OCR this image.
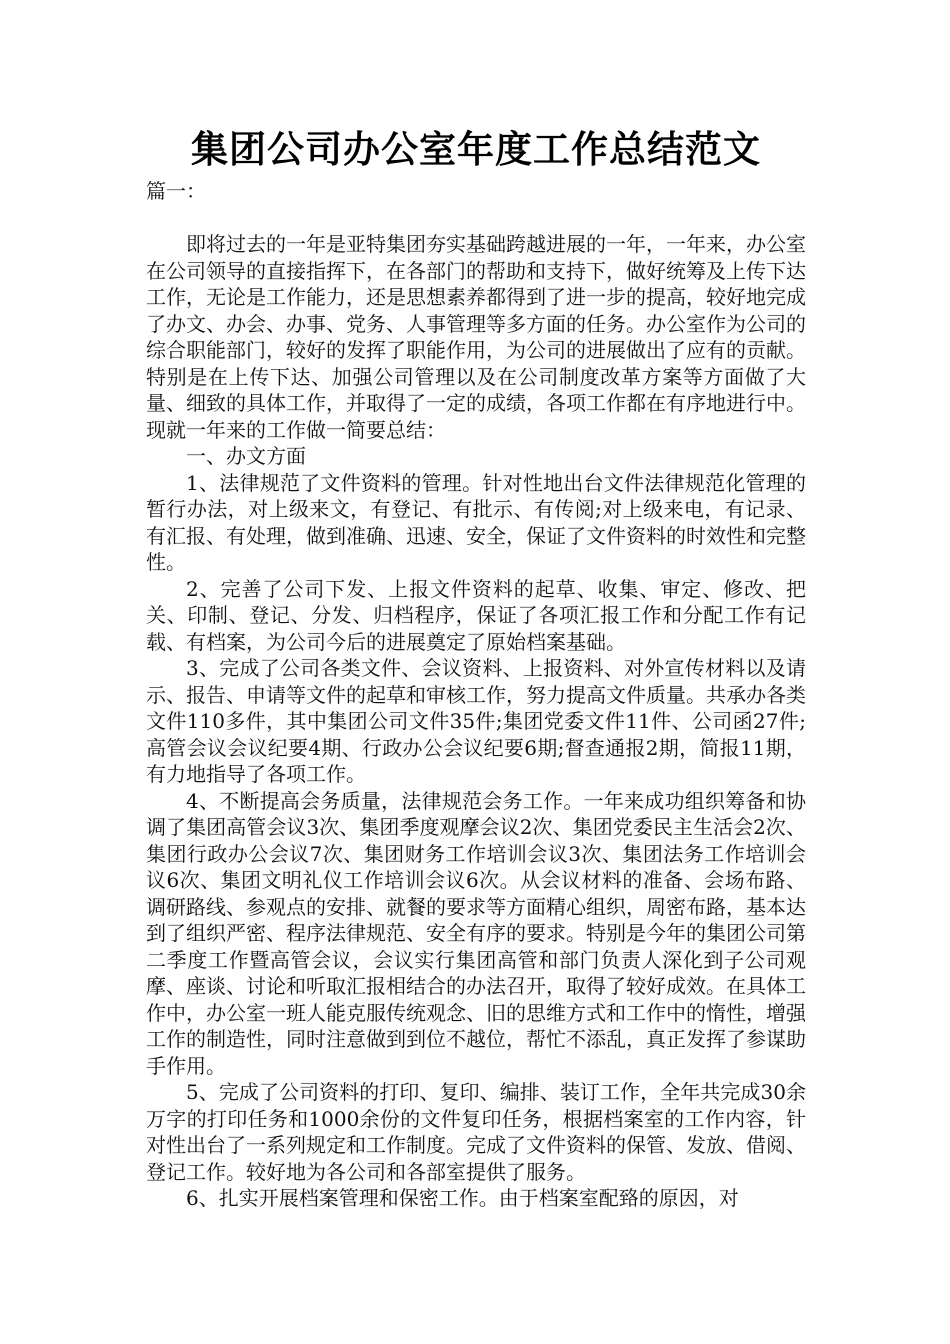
集团公司办公室年度工作总结范文

篇一：

即将过去的一年是亚特集团夯实基础跨越进展的一年，一年来，办公室在公司领导的直接指挥下，在各部门的帮助和支持下，做好统筹及上传下达工作，无论是工作能力，还是思想素养都得到了进一步的提高，较好地完成了办文、办会、办事、党务、人事管理等多方面的任务。办公室作为公司的综合职能部门，较好的发挥了职能作用，为公司的进展做出了应有的贡献。特别是在上传下达、加强公司管理以及在公司制度改革方案等方面做了大量、细致的具体工作，并取得了一定的成绩，各项工作都在有序地进行中。现就一年来的工作做一简要总结：

一、办文方面

1、法律规范了文件资料的管理。针对性地出台文件法律规范化管理的暂行办法，对上级来文，有登记、有批示、有传阅;对上级来电，有记录、有汇报、有处理，做到准确、迅速、安全，保证了文件资料的时效性和完整性。

2、完善了公司下发、上报文件资料的起草、收集、审定、修改、把关、印制、登记、分发、归档程序，保证了各项汇报工作和分配工作有记载、有档案，为公司今后的进展奠定了原始档案基础。

3、完成了公司各类文件、会议资料、上报资料、对外宣传材料以及请示、报告、申请等文件的起草和审核工作，努力提高文件质量。共承办各类文件110多件，其中集团公司文件35件;集团党委文件11件、公司函27件;高管会议会议纪要4期、行政办公会议纪要6期;督查通报2期，简报11期，有力地指导了各项工作。

4、不断提高会务质量，法律规范会务工作。一年来成功组织筹备和协调了集团高管会议3次、集团季度观摩会议2次、集团党委民主生活会2次、集团行政办公会议7次、集团财务工作培训会议3次、集团法务工作培训会议6次、集团文明礼仪工作培训会议6次。从会议材料的准备、会场布路、调研路线、参观点的安排、就餐的要求等方面精心组织，周密布路，基本达到了组织严密、程序法律规范、安全有序的要求。特别是今年的集团公司第二季度工作暨高管会议，会议实行集团高管和部门负责人深化到子公司观摩、座谈、讨论和听取汇报相结合的办法召开，取得了较好成效。在具体工作中，办公室一班人能克服传统观念、旧的思维方式和工作中的惰性，增强工作的制造性，同时注意做到到位不越位，帮忙不添乱，真正发挥了参谋助手作用。

5、完成了公司资料的打印、复印、编排、装订工作，全年共完成30余万字的打印任务和1000余份的文件复印任务，根据档案室的工作内容，针对性出台了一系列规定和工作制度。完成了文件资料的保管、发放、借阅、登记工作。较好地为各公司和各部室提供了服务。

6、扎实开展档案管理和保密工作。由于档案室配臵的原因，对
